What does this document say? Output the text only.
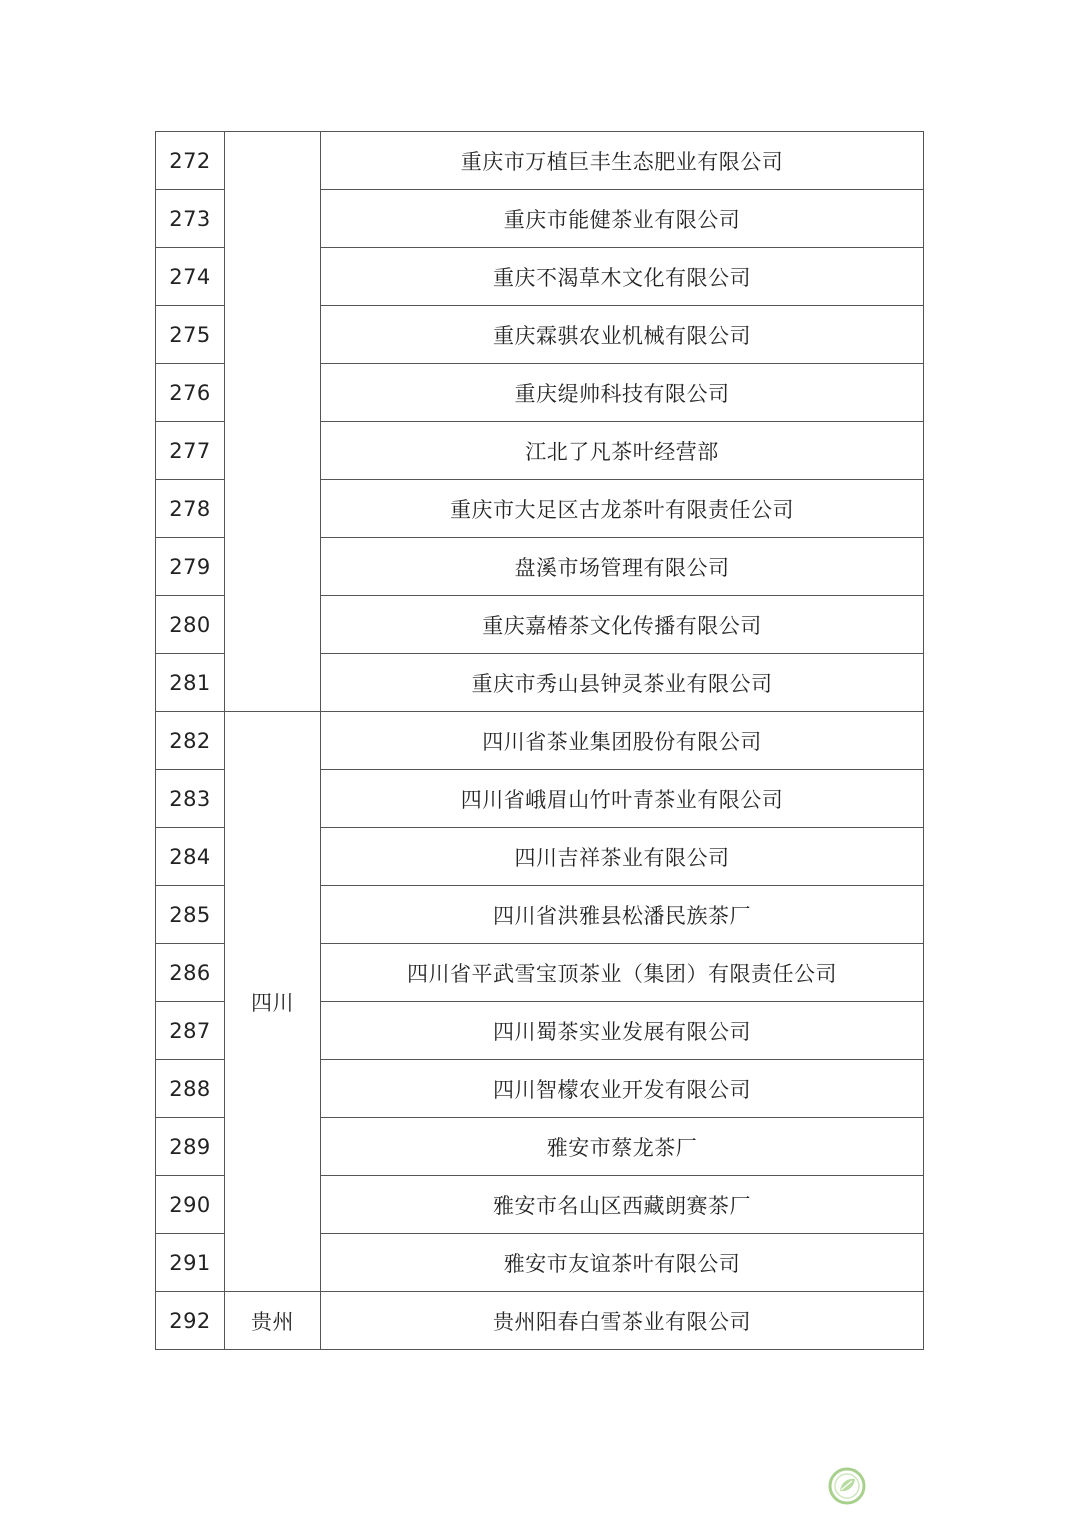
272		重庆市万植巨丰生态肥业有限公司
273		重庆市能健茶业有限公司
274		重庆不渴草木文化有限公司
275		重庆霖骐农业机械有限公司
276		重庆缇帅科技有限公司
277		江北了凡茶叶经营部
278		重庆市大足区古龙茶叶有限责任公司
279		盘溪市场管理有限公司
280		重庆嘉椿茶文化传播有限公司
281		重庆市秀山县钟灵茶业有限公司
282	四川	四川省茶业集团股份有限公司
283		四川省峨眉山竹叶青茶业有限公司
284		四川吉祥茶业有限公司
285		四川省洪雅县松潘民族茶厂
286		四川省平武雪宝顶茶业（集团）有限责任公司
287		四川蜀茶实业发展有限公司
288		四川智檬农业开发有限公司
289		雅安市蔡龙茶厂
290		雅安市名山区西藏朗赛茶厂
291		雅安市友谊茶叶有限公司
292	贵州	贵州阳春白雪茶业有限公司
